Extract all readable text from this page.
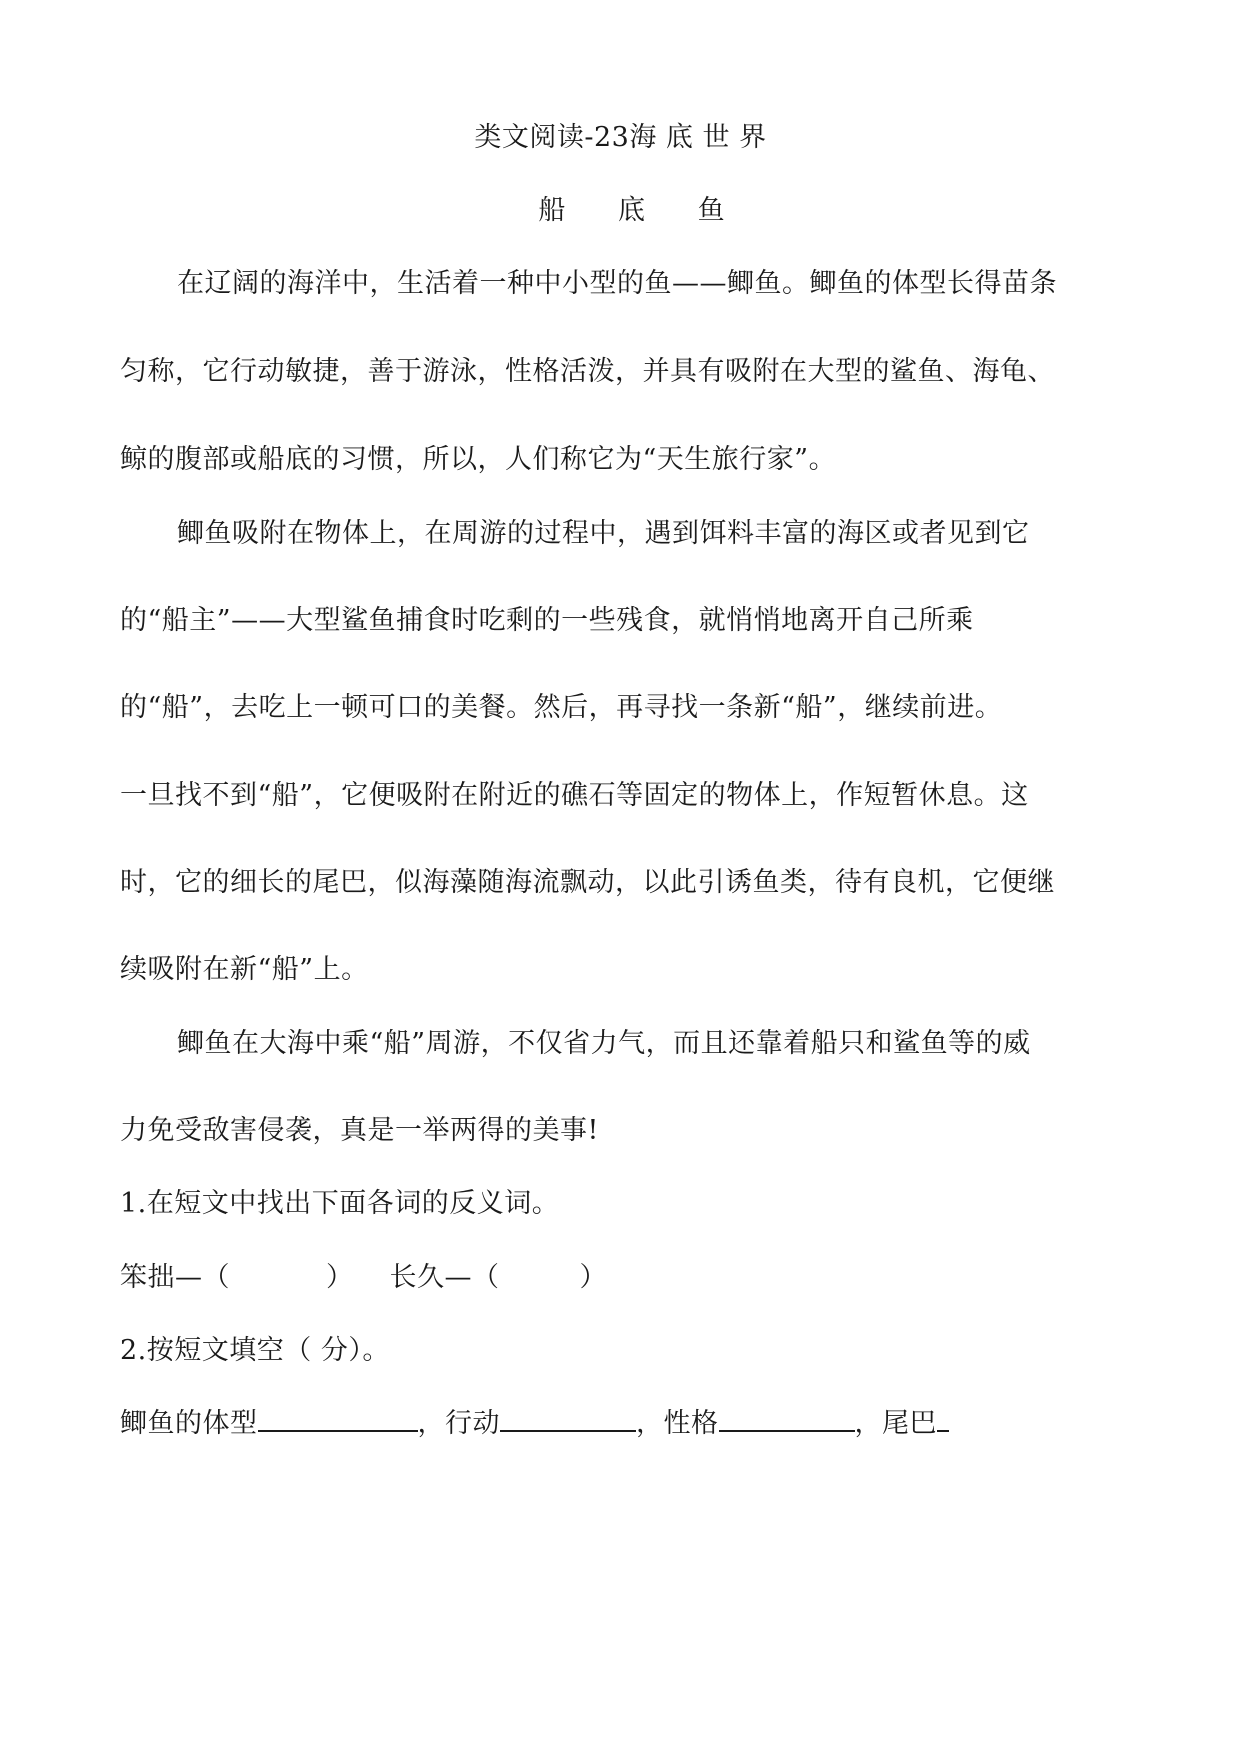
类文阅读-23海 底 世 界
船 底 鱼
在辽阔的海洋中，生活着一种中小型的鱼——鲫鱼。鲫鱼的体型长得苗条
匀称，它行动敏捷，善于游泳，性格活泼，并具有吸附在大型的鲨鱼、海龟、
鲸的腹部或船底的习惯，所以，人们称它为“天生旅行家”。
鲫鱼吸附在物体上，在周游的过程中，遇到饵料丰富的海区或者见到它
的“船主”——大型鲨鱼捕食时吃剩的一些残食，就悄悄地离开自己所乘
的“船”，去吃上一顿可口的美餐。然后，再寻找一条新“船”，继续前进。
一旦找不到“船”，它便吸附在附近的礁石等固定的物体上，作短暂休息。这
时，它的细长的尾巴，似海藻随海流飘动，以此引诱鱼类，待有良机，它便继
续吸附在新“船”上。
鲫鱼在大海中乘“船”周游，不仅省力气，而且还靠着船只和鲨鱼等的威
力免受敌害侵袭，真是一举两得的美事!
1.在短文中找出下面各词的反义词。
笨拙—（	） 长久—（	）
2.按短文填空（ 分）。
鲫鱼的体型	，行动	，性格	，尾巴
